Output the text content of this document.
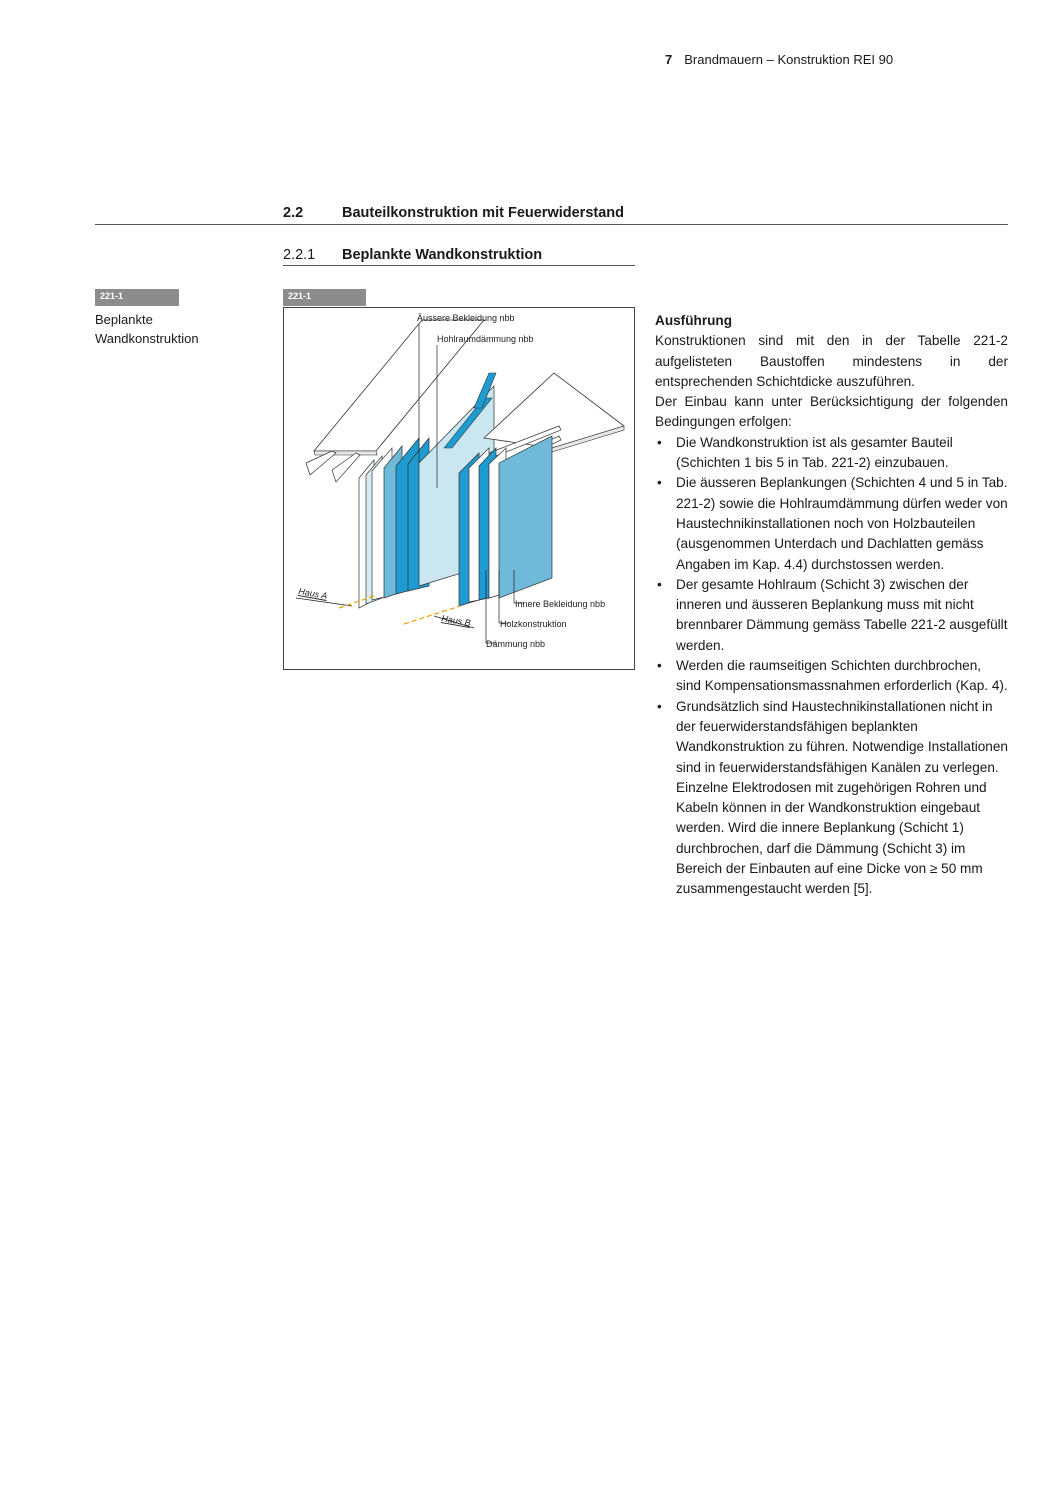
7 Brandmauern – Konstruktion REI 90
2.2	Bauteilkonstruktion mit Feuerwiderstand
2.2.1 Beplankte Wandkonstruktion
221-1
Beplankte
Wandkonstruktion
221-1
Äussere Bekleidung nbb
Hohlraumdämmung nbb
Innere Bekleidung nbb
Holzkonstruktion
Dämmung nbb
Haus A
Haus B
Ausführung

Konstruktionen sind mit den in der Tabelle 221-2 aufgelisteten Baustoffen mindestens in der entsprechenden Schichtdicke auszuführen.

Der Einbau kann unter Berücksichtigung der folgenden Bedingungen erfolgen:

• Die Wandkonstruktion ist als gesamter Bauteil (Schichten 1 bis 5 in Tab. 221-2) einzubauen.
• Die äusseren Beplankungen (Schichten 4 und 5 in Tab. 221-2) sowie die Hohlraumdämmung dürfen weder von Haustechnikinstallationen noch von Holzbauteilen (ausgenommen Unterdach und Dachlatten gemäss Angaben im Kap. 4.4) durchstossen werden.
• Der gesamte Hohlraum (Schicht 3) zwischen der inneren und äusseren Beplankung muss mit nicht brennbarer Dämmung gemäss Tabelle 221-2 ausgefüllt werden.
• Werden die raumseitigen Schichten durchbrochen, sind Kompensationsmassnahmen erforderlich (Kap. 4).
• Grundsätzlich sind Haustechnikinstallationen nicht in der feuerwiderstandsfähigen beplankten Wandkonstruktion zu führen. Notwendige Installationen sind in feuerwiderstandsfähigen Kanälen zu verlegen. Einzelne Elektrodosen mit zugehörigen Rohren und Kabeln können in der Wandkonstruktion eingebaut werden. Wird die innere Beplankung (Schicht 1) durchbrochen, darf die Dämmung (Schicht 3) im Bereich der Einbauten auf eine Dicke von ≥ 50 mm zusammengestaucht werden [5].
